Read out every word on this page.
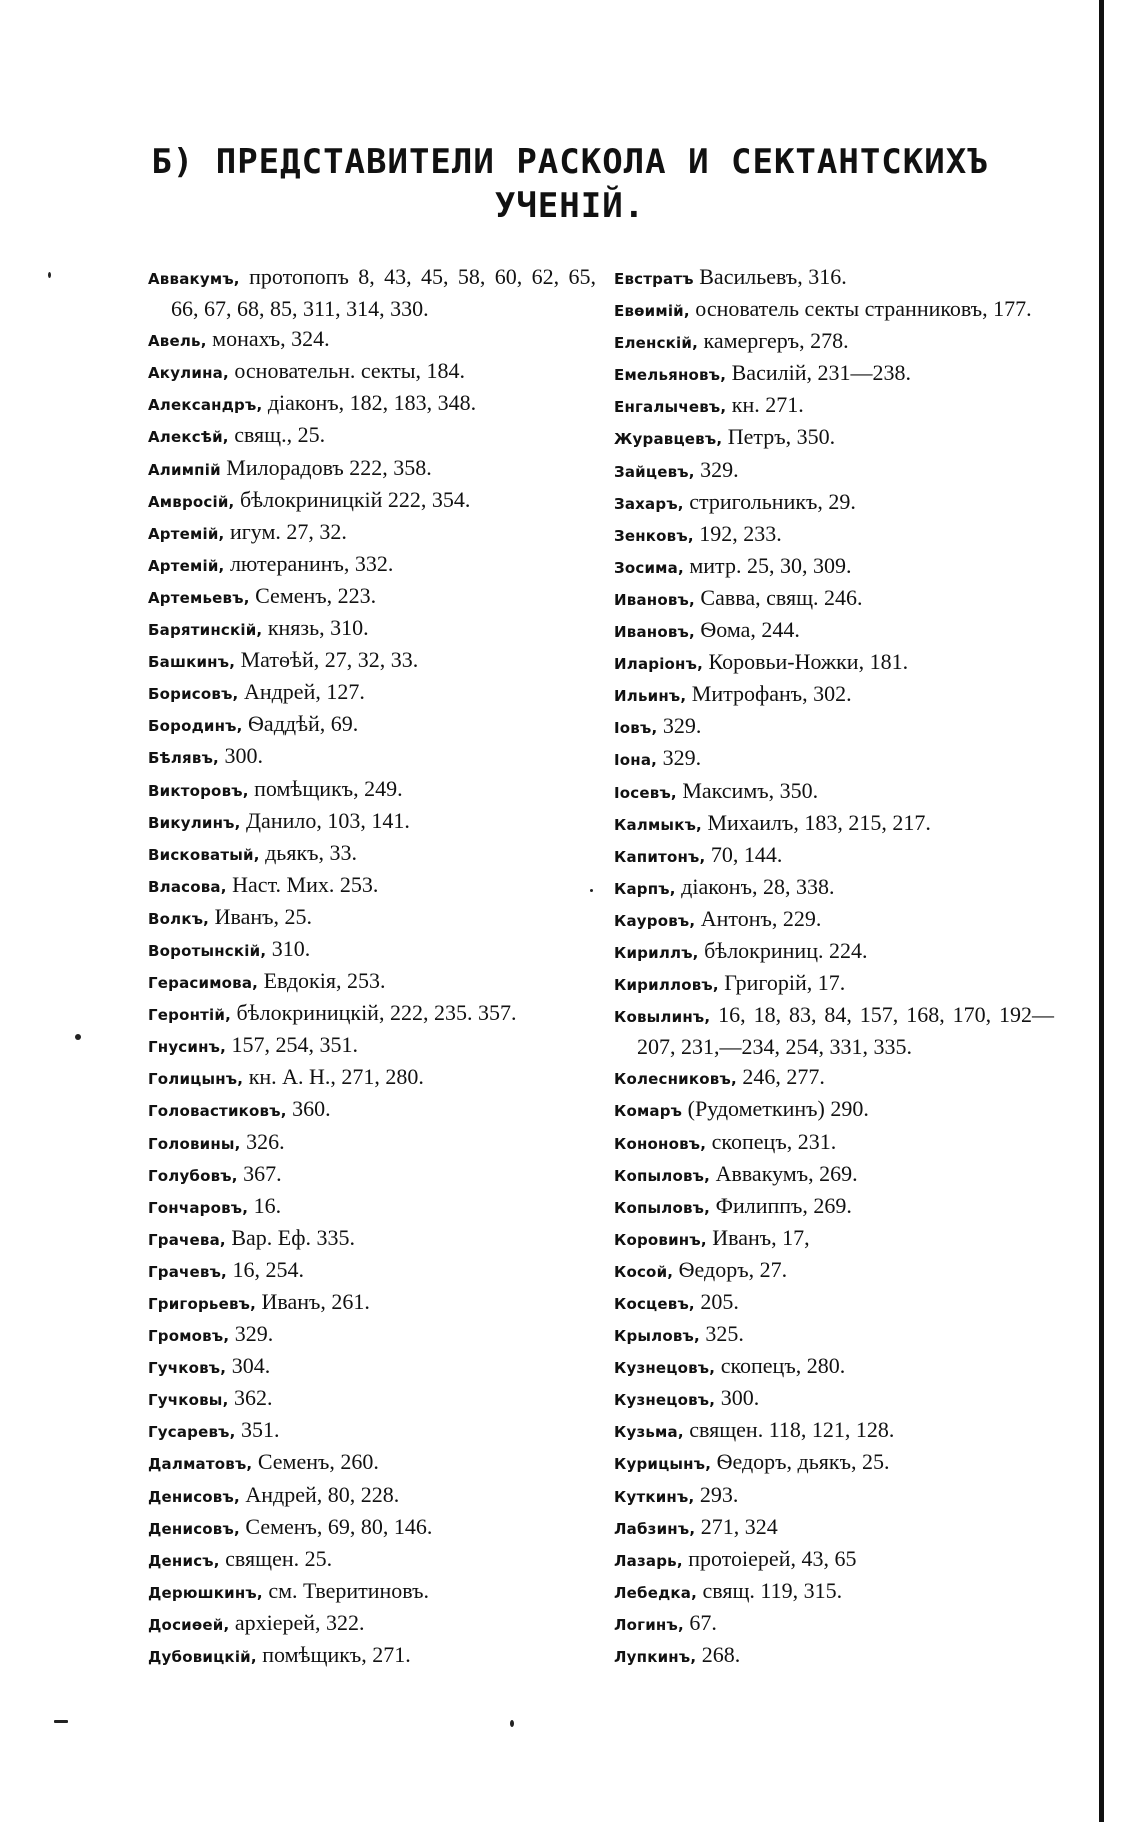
Б) ПРЕДСТАВИТЕЛИ РАСКОЛА И СЕКТАНТСКИХЪ
УЧЕНІЙ.
Аввакумъ, протопопъ 8, 43, 45, 58, 60, 62, 65, 66, 67, 68, 85, 311, 314, 330.
Авель, монахъ, 324.
Акулина, основательн. секты, 184.
Александръ, діаконъ, 182, 183, 348.
Алексѣй, свящ., 25.
Алимпій Милорадовъ 222, 358.
Амвросій, бѣлокриницкій 222, 354.
Артемій, игум. 27, 32.
Артемій, лютеранинъ, 332.
Артемьевъ, Семенъ, 223.
Барятинскій, князь, 310.
Башкинъ, Матѳѣй, 27, 32, 33.
Борисовъ, Андрей, 127.
Бородинъ, Ѳаддѣй, 69.
Бѣлявъ, 300.
Викторовъ, помѣщикъ, 249.
Викулинъ, Данило, 103, 141.
Висковатый, дьякъ, 33.
Власова, Наст. Мих. 253.
Волкъ, Иванъ, 25.
Воротынскій, 310.
Герасимова, Евдокія, 253.
Геронтій, бѣлокриницкій, 222, 235. 357.
Гнусинъ, 157, 254, 351.
Голицынъ, кн. А. Н., 271, 280.
Головастиковъ, 360.
Головины, 326.
Голубовъ, 367.
Гончаровъ, 16.
Грачева, Вар. Еф. 335.
Грачевъ, 16, 254.
Григорьевъ, Иванъ, 261.
Громовъ, 329.
Гучковъ, 304.
Гучковы, 362.
Гусаревъ, 351.
Далматовъ, Семенъ, 260.
Денисовъ, Андрей, 80, 228.
Денисовъ, Семенъ, 69, 80, 146.
Денисъ, священ. 25.
Дерюшкинъ, см. Тверитиновъ.
Досиѳей, архіерей, 322.
Дубовицкій, помѣщикъ, 271.
Евстратъ Васильевъ, 316.
Евѳимій, основатель секты странниковъ, 177.
Еленскій, камергеръ, 278.
Емельяновъ, Василій, 231—238.
Енгалычевъ, кн. 271.
Журавцевъ, Петръ, 350.
Зайцевъ, 329.
Захаръ, стригольникъ, 29.
Зенковъ, 192, 233.
Зосима, митр. 25, 30, 309.
Ивановъ, Савва, свящ. 246.
Ивановъ, Ѳома, 244.
Иларіонъ, Коровьи-Ножки, 181.
Ильинъ, Митрофанъ, 302.
Іовъ, 329.
Іона, 329.
Іосевъ, Максимъ, 350.
Калмыкъ, Михаилъ, 183, 215, 217.
Капитонъ, 70, 144.
Карпъ, діаконъ, 28, 338.
Кауровъ, Антонъ, 229.
Кириллъ, бѣлокриниц. 224.
Кирилловъ, Григорій, 17.
Ковылинъ, 16, 18, 83, 84, 157, 168, 170, 192—207, 231,—234, 254, 331, 335.
Колесниковъ, 246, 277.
Комаръ (Рудометкинъ) 290.
Кононовъ, скопецъ, 231.
Копыловъ, Аввакумъ, 269.
Копыловъ, Филиппъ, 269.
Коровинъ, Иванъ, 17,
Косой, Ѳедоръ, 27.
Косцевъ, 205.
Крыловъ, 325.
Кузнецовъ, скопецъ, 280.
Кузнецовъ, 300.
Кузьма, священ. 118, 121, 128.
Курицынъ, Ѳедоръ, дьякъ, 25.
Куткинъ, 293.
Лабзинъ, 271, 324
Лазарь, протоіерей, 43, 65
Лебедка, свящ. 119, 315.
Логинъ, 67.
Лупкинъ, 268.
